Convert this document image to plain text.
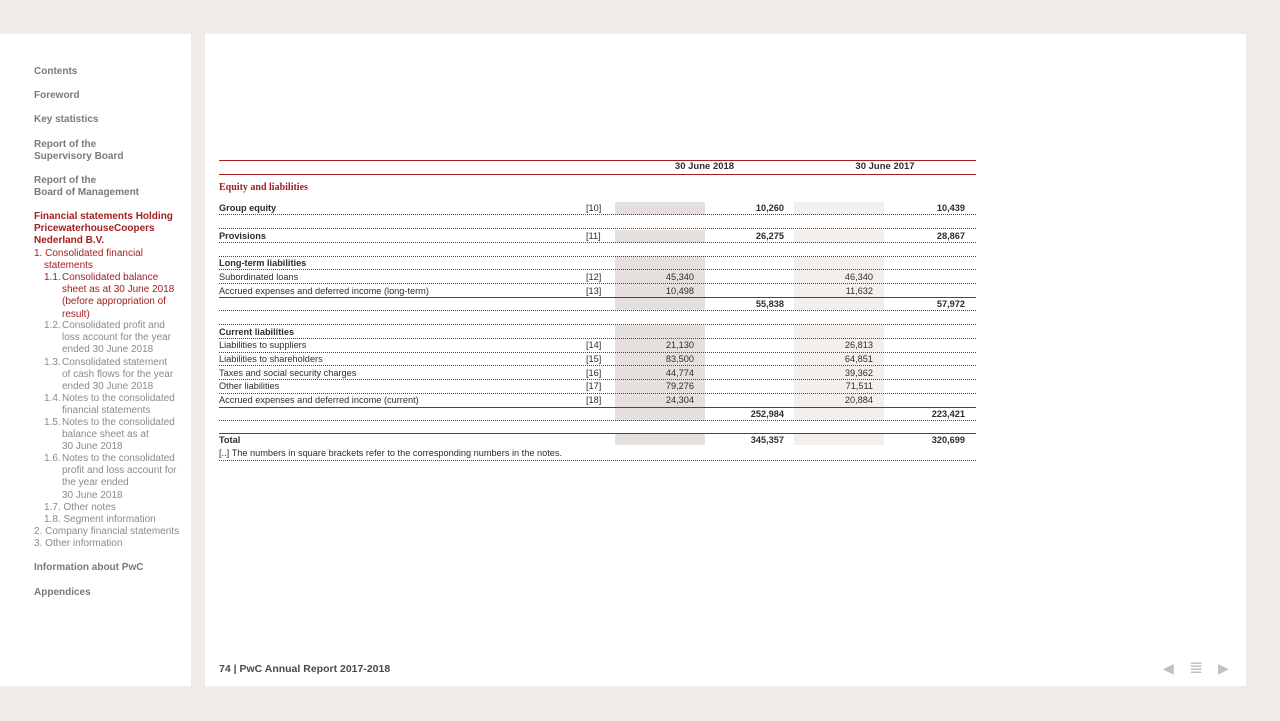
Contents
Foreword
Key statistics
Report of the
Supervisory Board
Report of the
Board of Management
Financial statements Holding
PricewaterhouseCoopers
Nederland B.V.
1. Consolidated financial
statements
1.1. Consolidated balance
sheet as at 30 June 2018
(before appropriation of
result)
1.2. Consolidated profit and
loss account for the year
ended 30 June 2018
1.3. Consolidated statement
of cash flows for the year
ended 30 June 2018
1.4. Notes to the consolidated
financial statements
1.5. Notes to the consolidated
balance sheet as at
30 June 2018
1.6. Notes to the consolidated
profit and loss account for
the year ended
30 June 2018
1.7. Other notes
1.8. Segment information
2. Company financial statements
3. Other information
Information about PwC
Appendices
30 June 2018	30 June 2017
Equity and liabilities
Group equity	[10]	10,260	10,439
Provisions	[11]	26,275	28,867
Long-term liabilities
Subordinated loans	[12]	45,340	46,340
Accrued expenses and deferred income (long-term)	[13]	10,498	11,632
55,838	57,972
Current liabilities
Liabilities to suppliers	[14]	21,130	26,813
Liabilities to shareholders	[15]	83,500	64,851
Taxes and social security charges	[16]	44,774	39,362
Other liabilities	[17]	79,276	71,511
Accrued expenses and deferred income (current)	[18]	24,304	20,884
252,984	223,421
Total	345,357	320,699
[..] The numbers in square brackets refer to the corresponding numbers in the notes.
74 | PwC Annual Report 2017-2018	◀ ≣ ▶
